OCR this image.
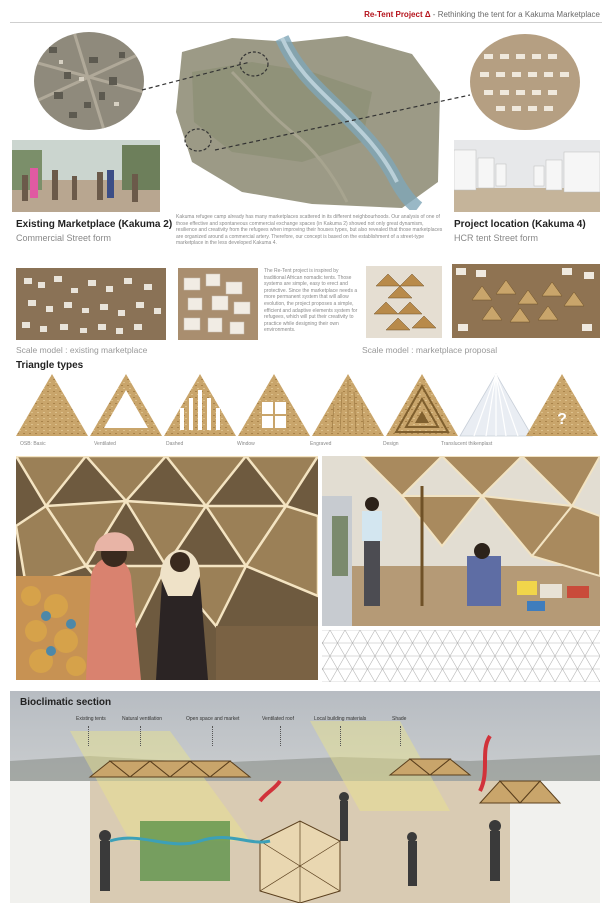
Re-Tent Project Δ - Rethinking the tent for a Kakuma Marketplace
Existing Marketplace (Kakuma 2)
Commercial Street form
Kakuma refugee camp already has many marketplaces scattered in its different neighbourhoods. Our analysis of one of those effective and spontaneous commercial exchange spaces (in Kakuma 2) showed not only great dynamism, resilience and creativity from the refugees when improving their houses types, but also revealed that those marketplaces are organized around a commercial artery. Therefore, our concept is based on the establishment of a street-type marketplace in the less developed Kakuma 4.
Project location (Kakuma 4)
HCR tent Street form
The Re-Tent project is inspired by traditional African nomadic tents. Those systems are simple, easy to erect and protective. Since the marketplace needs a more permanent system that will allow evolution, the project proposes a simple, efficient and adaptive elements system for refugees, which will put their creativity to practice while designing their own environments.
Scale model : existing marketplace	Scale model : marketplace proposal
Triangle types
?
OSB: Basic	Ventilated	Dashed	Window	Engraved	Design	Translucent thikenplast
Bioclimatic section
Existing tents	Natural ventilation	Open space and market	Ventilated roof	Local building materials	Shade
